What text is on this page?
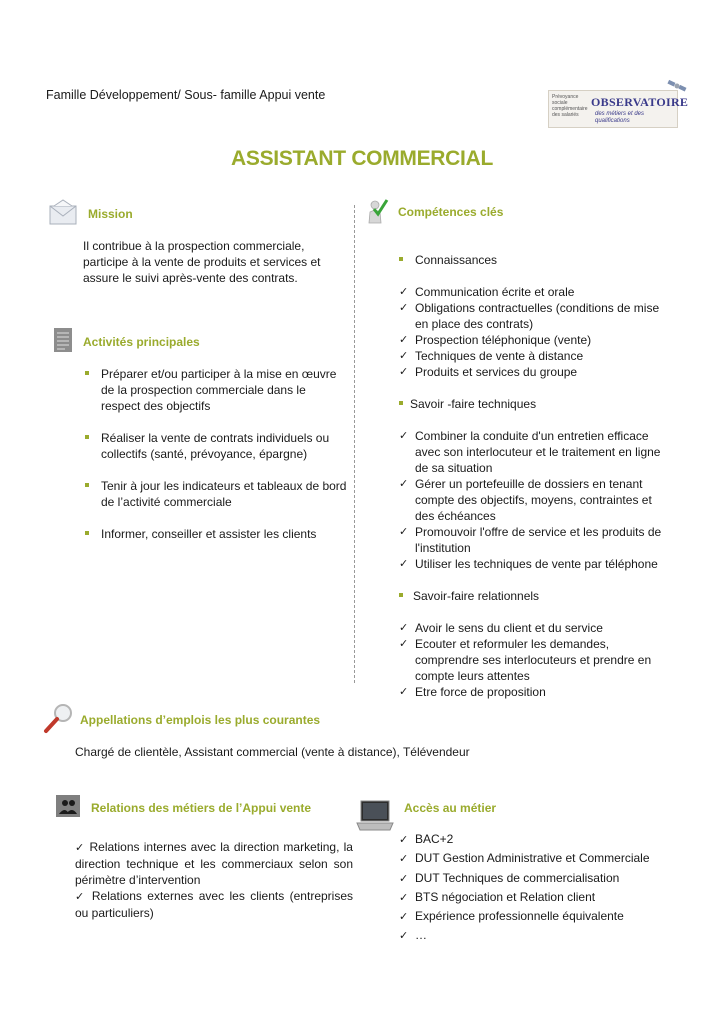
Famille Développement/ Sous- famille Appui vente	Prévoyance sociale complémentaire des salariés
OBSERVATOIRE
des métiers et des qualifications
ASSISTANT COMMERCIAL
Mission
Il contribue à la prospection commerciale, participe à la vente de produits et services et assure le suivi après-vente des contrats.
Activités principales
Préparer et/ou participer à la mise en œuvre de la prospection commerciale dans le respect des objectifs
Réaliser la vente de contrats individuels ou collectifs (santé, prévoyance, épargne)
Tenir à jour les indicateurs et tableaux de bord de l’activité commerciale
Informer, conseiller et assister les clients
Compétences clés
Connaissances
✓ Communication écrite et orale
✓ Obligations contractuelles (conditions de mise en place des contrats)
✓ Prospection téléphonique (vente)
✓ Techniques de vente à distance
✓ Produits et services du groupe
Savoir -faire techniques
✓ Combiner la conduite d'un entretien efficace avec son interlocuteur et le traitement en ligne de sa situation
✓ Gérer un portefeuille de dossiers en tenant compte des objectifs, moyens, contraintes et des échéances
✓ Promouvoir l'offre de service et les produits de l'institution
✓ Utiliser les techniques de vente par téléphone
Savoir-faire relationnels
✓ Avoir le sens du client et du service
✓ Ecouter et reformuler les demandes, comprendre ses interlocuteurs et prendre en compte leurs attentes
✓ Etre force de proposition
Appellations d’emplois les plus courantes
Chargé de clientèle, Assistant commercial (vente à distance), Télévendeur
Relations des métiers de l’Appui vente
✓ Relations internes avec la direction marketing, la direction technique et les commerciaux selon son périmètre d’intervention
✓ Relations externes avec les clients (entreprises ou particuliers)
Accès au métier
✓ BAC+2
✓ DUT Gestion Administrative et Commerciale
✓ DUT Techniques de commercialisation
✓ BTS négociation et Relation client
✓ Expérience professionnelle équivalente
✓ …
